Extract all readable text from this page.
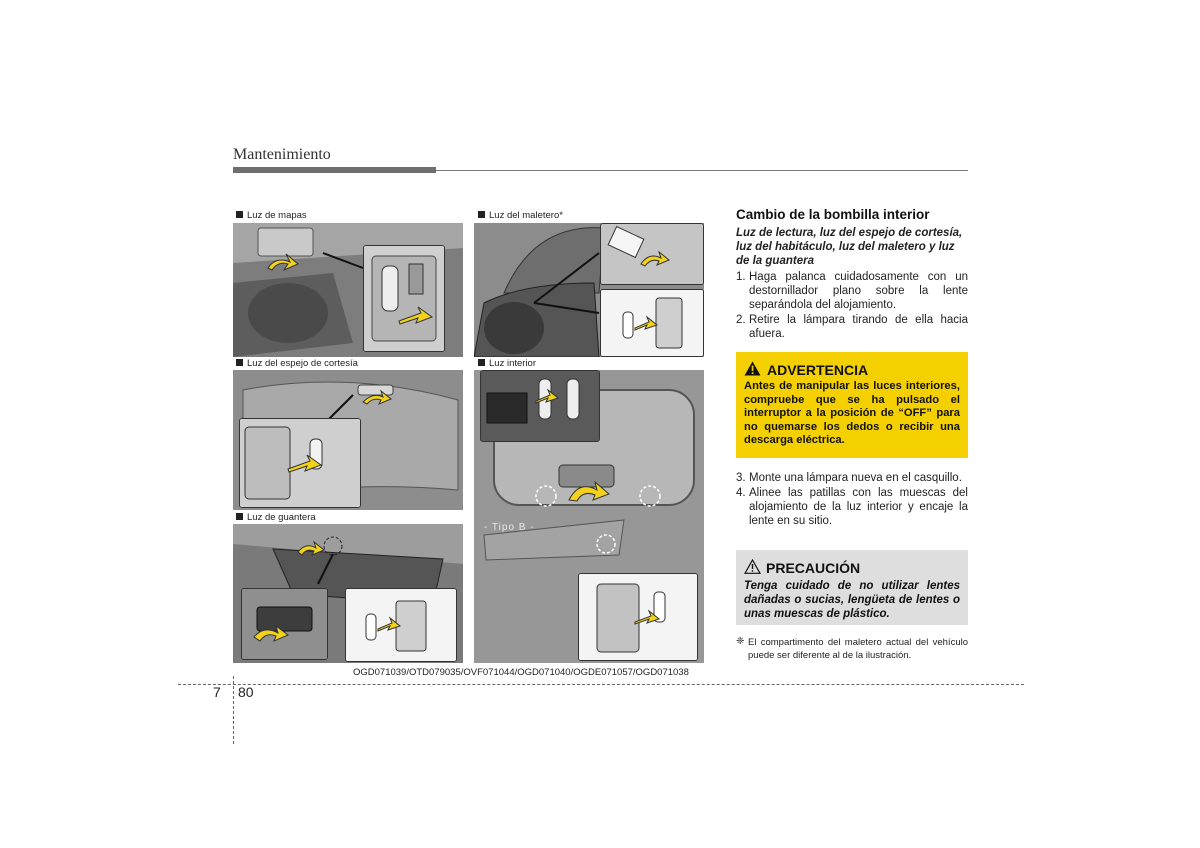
Mantenimiento
Luz de mapas
Luz del espejo de cortesía
Luz de guantera
Luz del maletero*
Luz interior
- Tipo B -
OGD071039/OTD079035/OVF071044/OGD071040/OGDE071057/OGD071038
Cambio de la bombilla interior
Luz de lectura, luz del espejo de cortesía, luz del habitáculo, luz del maletero y luz de la guantera
1. Haga palanca cuidadosamente con un destornillador plano sobre la lente separándola del alojamiento.
2. Retire la lámpara tirando de ella hacia afuera.
ADVERTENCIA
Antes de manipular las luces interiores, compruebe que se ha pulsado el interruptor a la posición de “OFF” para no quemarse los dedos o recibir una descarga eléctrica.
3. Monte una lámpara nueva en el casquillo.
4. Alinee las patillas con las muescas del alojamiento de la luz interior y encaje la lente en su sitio.
PRECAUCIÓN
Tenga cuidado de no utilizar lentes dañadas o sucias, lengüeta de lentes o unas muescas de plástico.
❈ El compartimento del maletero actual del vehículo puede ser diferente al de la ilustración.
7 80
